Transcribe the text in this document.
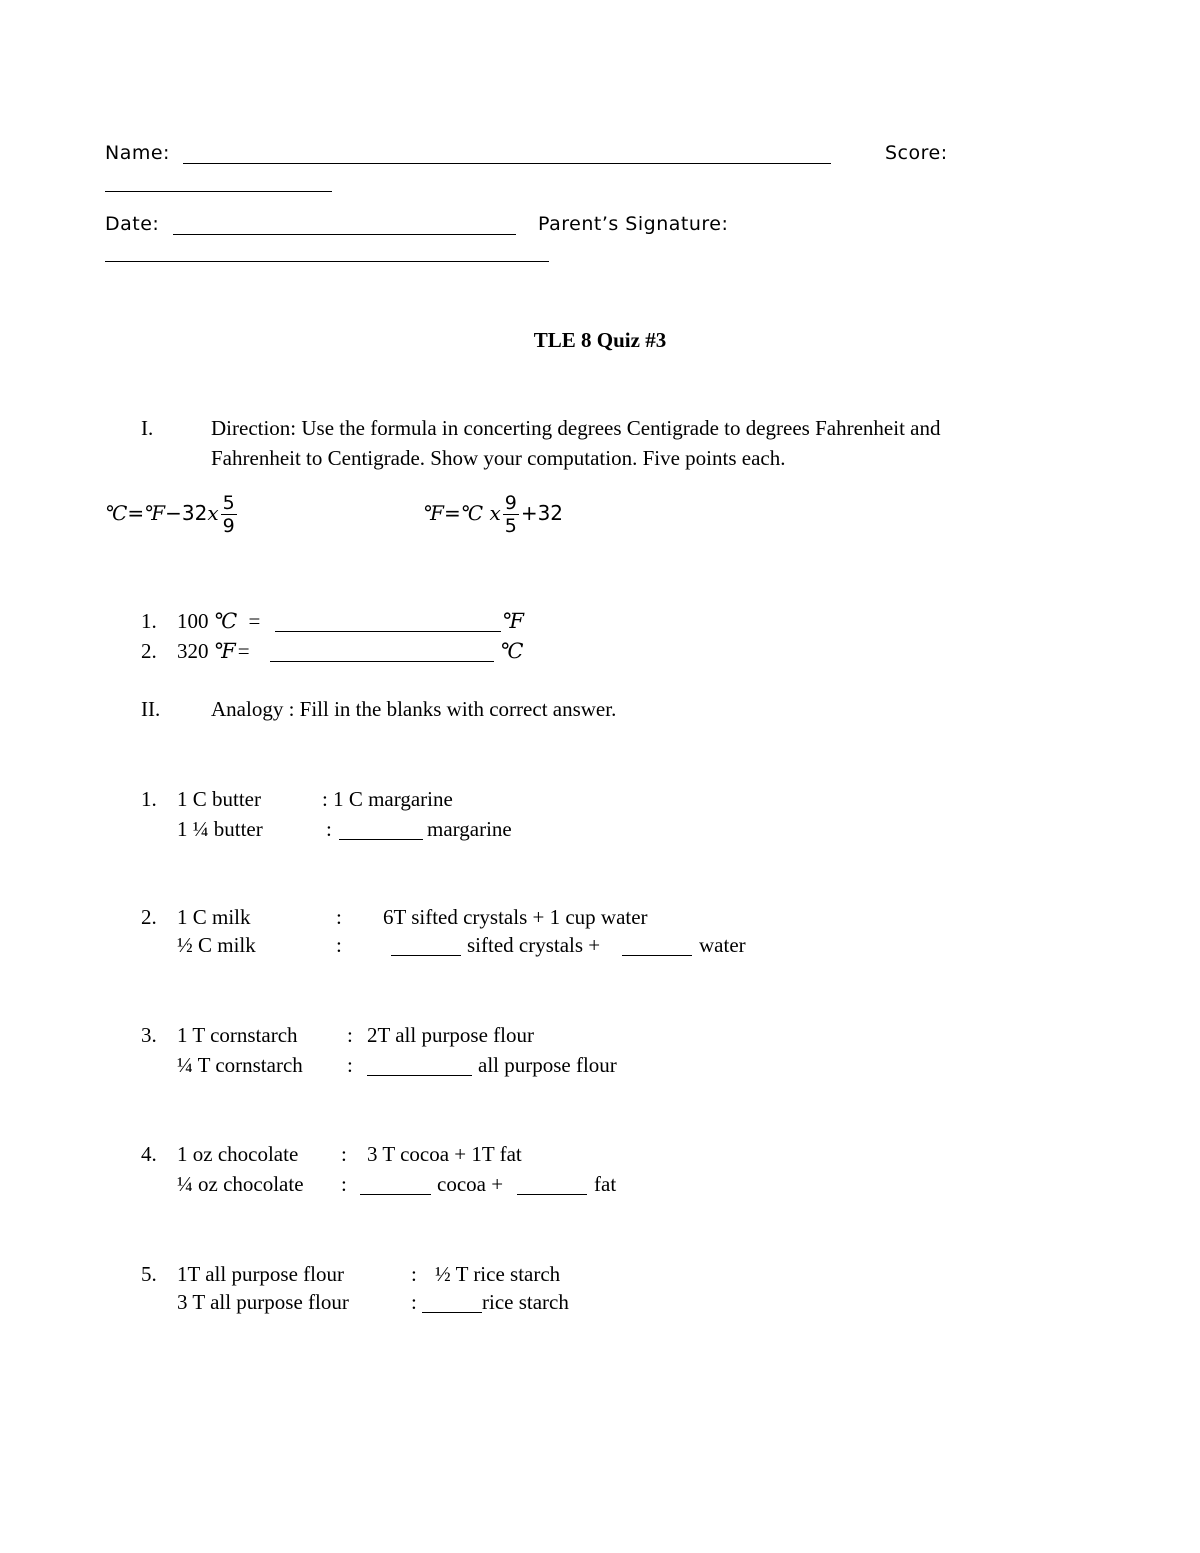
Name:	Score:
Date:	Parent’s Signature:
TLE 8 Quiz #3
I.	Direction: Use the formula in concerting degrees Centigrade to degrees Fahrenheit and
Fahrenheit to Centigrade. Show your computation. Five points each.
℃=℉−32x $\frac{5}{9}$	℉=℃ x $\frac{9}{5} +32$
1. 100 ℃ =	℉
2. 320 ℉=	℃
II. Analogy : Fill in the blanks with correct answer.
1. 1 C butter	: 1 C margarine
1 ¼ butter	:	margarine
2. 1 C milk	: 6T sifted crystals + 1 cup water
½ C milk	:	sifted crystals +	water
3. 1 T cornstarch : 2T all purpose flour
¼ T cornstarch :	all purpose flour
4. 1 oz chocolate : 3 T cocoa + 1T fat
¼ oz chocolate :	cocoa +	fat
5. 1T all purpose flour	: ½ T rice starch
3 T all purpose flour	:	rice starch
